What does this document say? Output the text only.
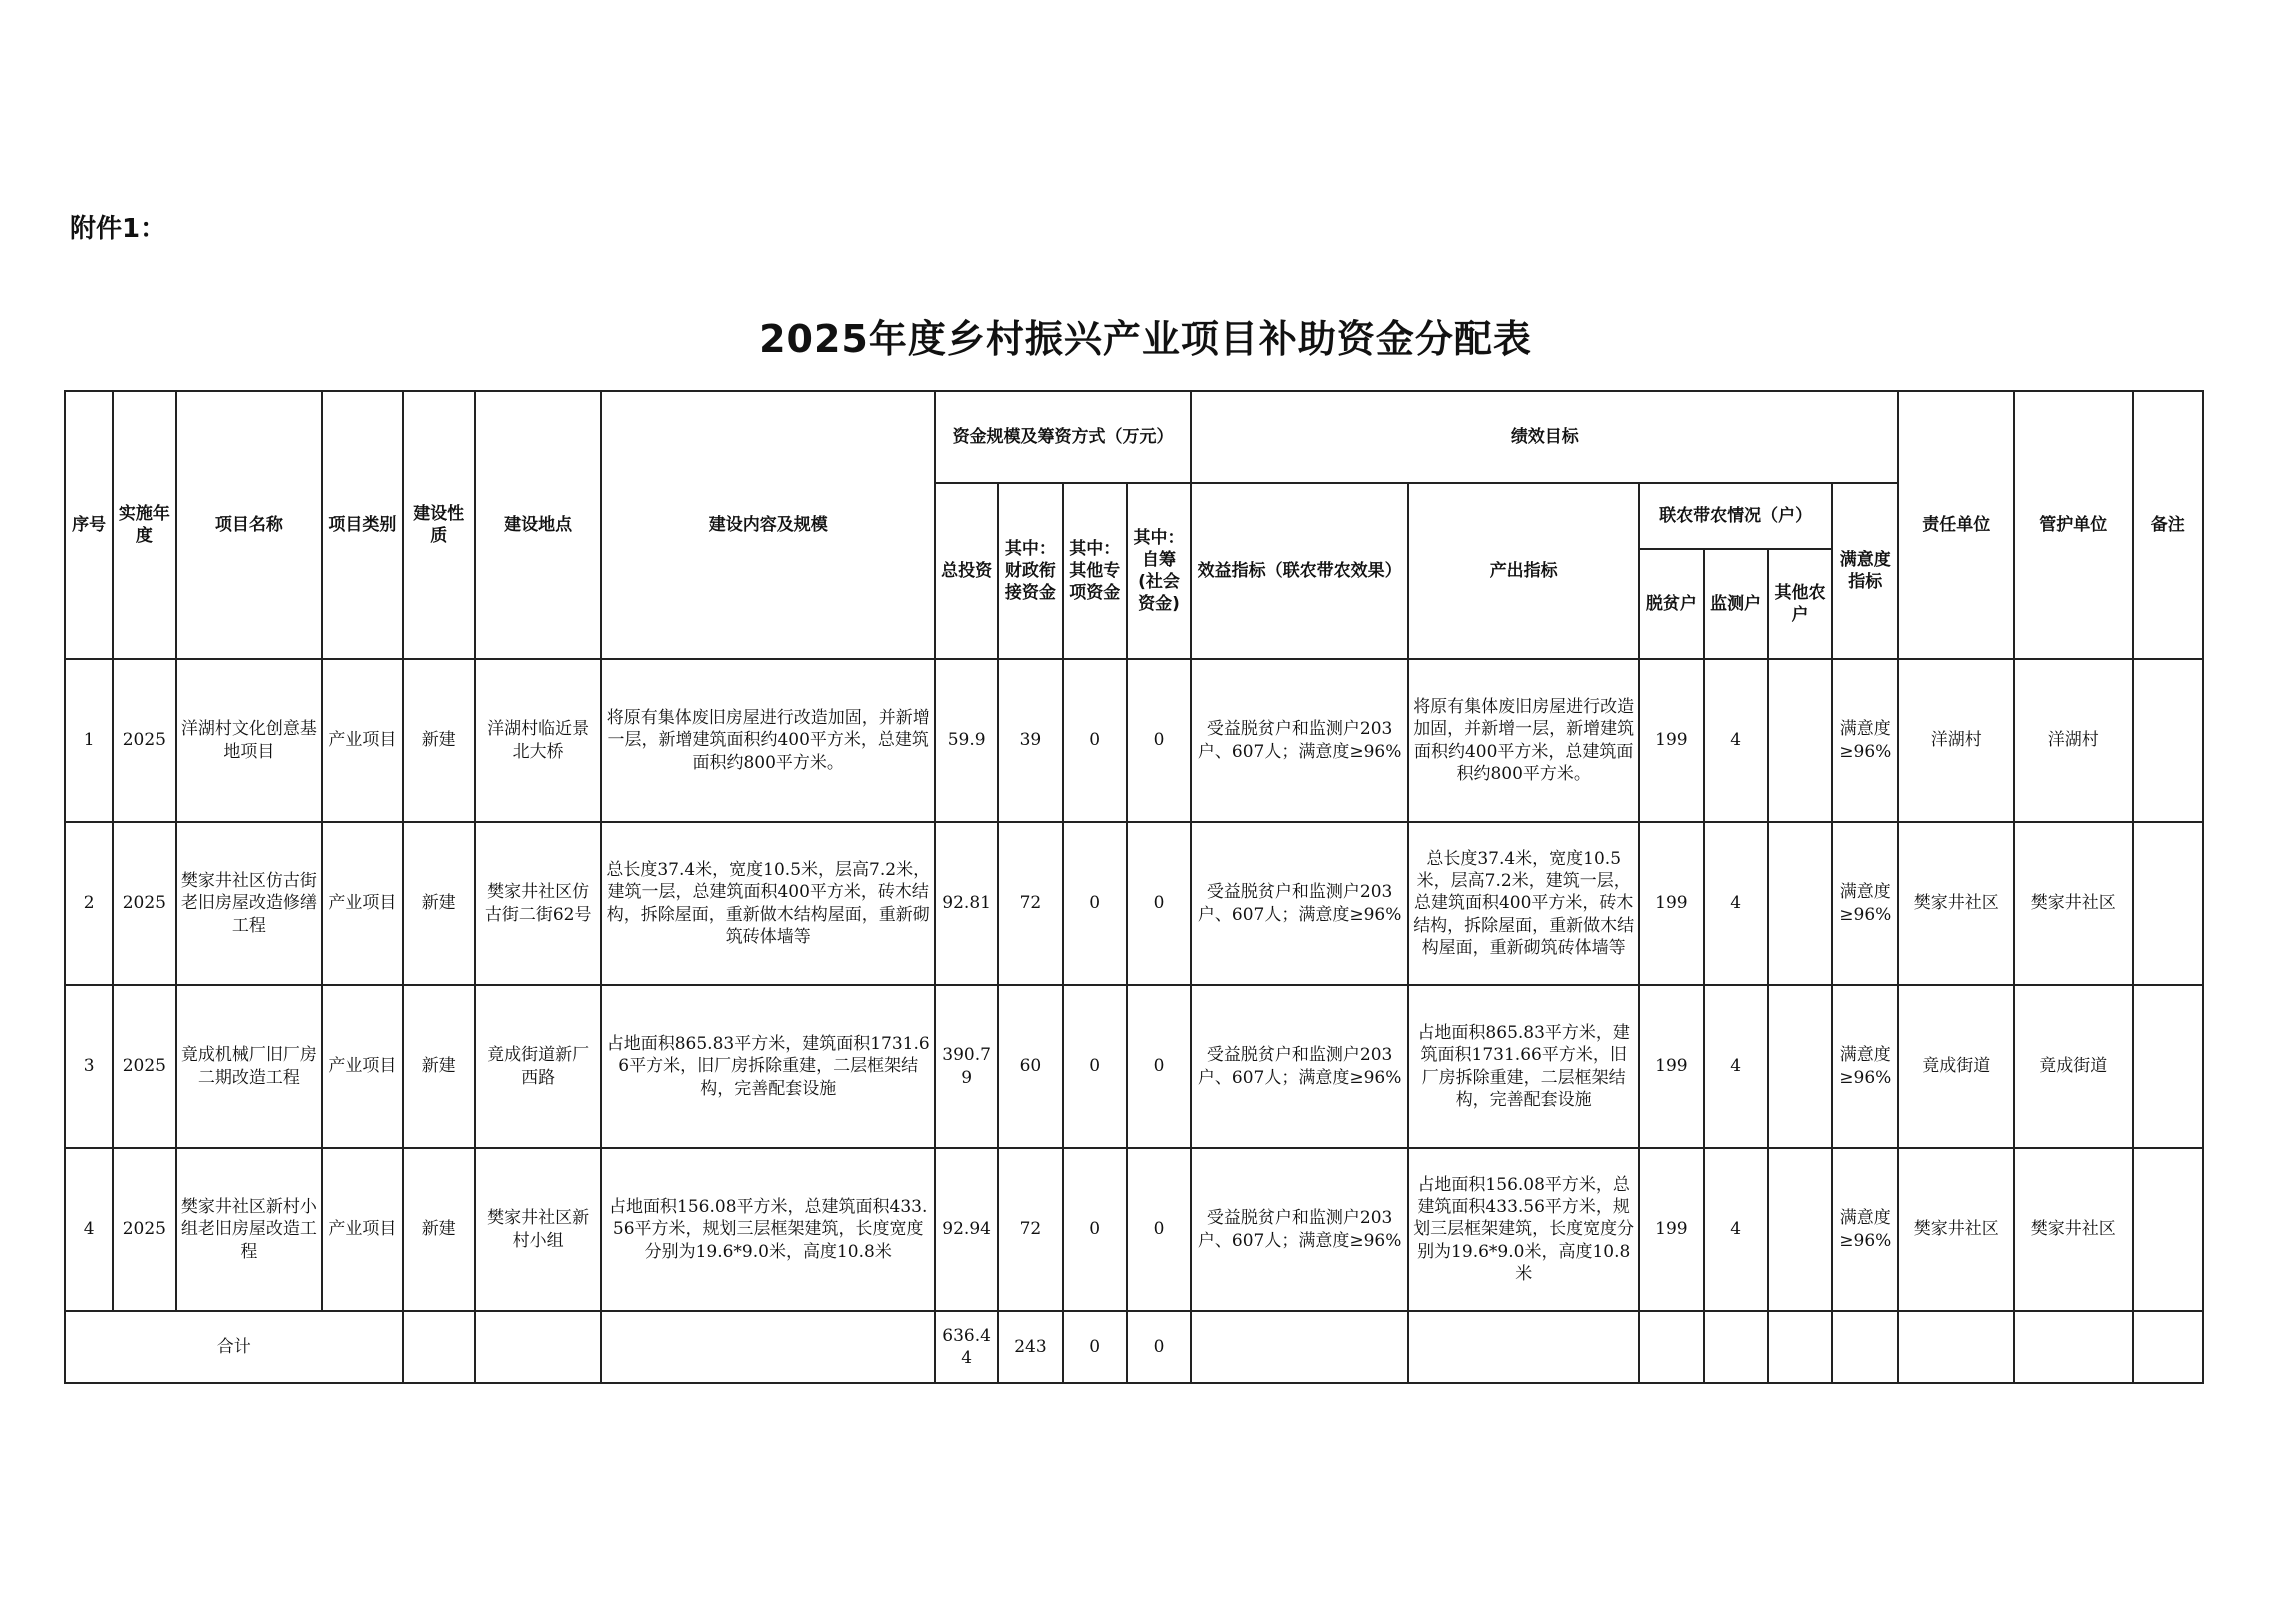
附件1：
2025年度乡村振兴产业项目补助资金分配表
序号	实施年度	项目名称	项目类别	建设性质	建设地点	建设内容及规模	资金规模及筹资方式（万元）				绩效目标						责任单位	管护单位	备注
							总投资	其中：财政衔接资金	其中：其他专项资金	其中：自筹(社会资金)	效益指标（联农带农效果）	产出指标	联农带农情况（户）			满意度指标			
													脱贫户	监测户	其他农户				
1	2025	洋湖村文化创意基地项目	产业项目	新建	洋湖村临近景北大桥	将原有集体废旧房屋进行改造加固，并新增一层，新增建筑面积约400平方米，总建筑面积约800平方米。	59.9	39	0	0	受益脱贫户和监测户203户、607人；满意度≥96%	将原有集体废旧房屋进行改造加固，并新增一层，新增建筑面积约400平方米，总建筑面积约800平方米。	199	4		满意度≥96%	洋湖村	洋湖村	
2	2025	樊家井社区仿古街老旧房屋改造修缮工程	产业项目	新建	樊家井社区仿古街二街62号	总长度37.4米，宽度10.5米，层高7.2米，建筑一层，总建筑面积400平方米，砖木结构，拆除屋面，重新做木结构屋面，重新砌筑砖体墙等	92.81	72	0	0	受益脱贫户和监测户203户、607人；满意度≥96%	总长度37.4米，宽度10.5米，层高7.2米，建筑一层，总建筑面积400平方米，砖木结构，拆除屋面，重新做木结构屋面，重新砌筑砖体墙等	199	4		满意度≥96%	樊家井社区	樊家井社区	
3	2025	竟成机械厂旧厂房二期改造工程	产业项目	新建	竟成街道新厂西路	占地面积865.83平方米，建筑面积1731.66平方米，旧厂房拆除重建，二层框架结构，完善配套设施	390.79	60	0	0	受益脱贫户和监测户203户、607人；满意度≥96%	占地面积865.83平方米，建筑面积1731.66平方米，旧厂房拆除重建，二层框架结构，完善配套设施	199	4		满意度≥96%	竟成街道	竟成街道	
4	2025	樊家井社区新村小组老旧房屋改造工程	产业项目	新建	樊家井社区新村小组	占地面积156.08平方米，总建筑面积433.56平方米，规划三层框架建筑，长度宽度分别为19.6*9.0米，高度10.8米	92.94	72	0	0	受益脱贫户和监测户203户、607人；满意度≥96%	占地面积156.08平方米，总建筑面积433.56平方米，规划三层框架建筑，长度宽度分别为19.6*9.0米，高度10.8米	199	4		满意度≥96%	樊家井社区	樊家井社区	
合计							636.44	243	0	0									
